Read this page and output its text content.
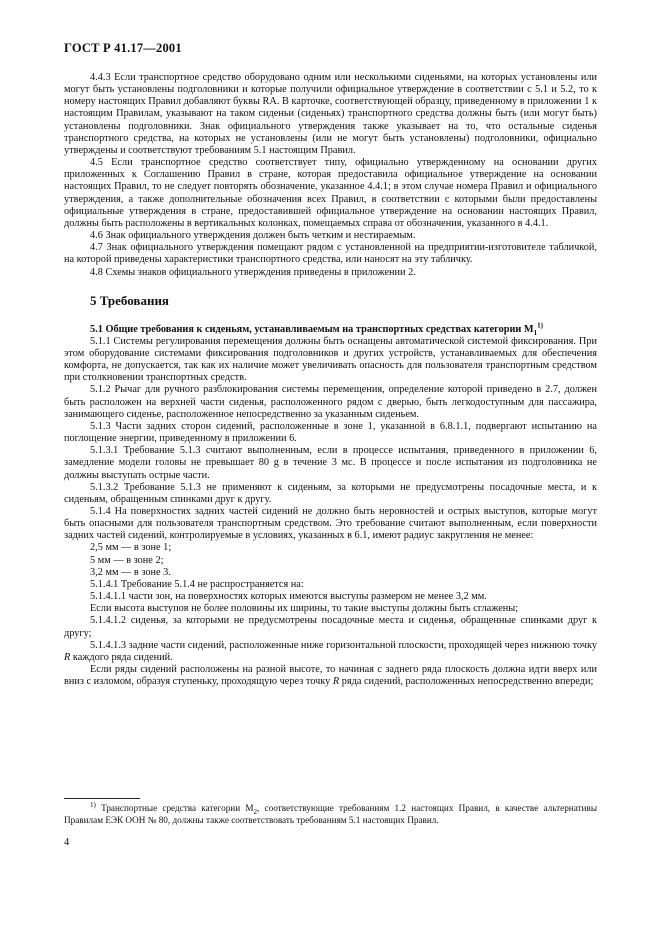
ГОСТ Р 41.17—2001

4.4.3 Если транспортное средство оборудовано одним или несколькими сиденьями, на которых установлены или могут быть установлены подголовники и которые получили официальное утверждение в соответствии с 5.1 и 5.2, то к номеру настоящих Правил добавляют буквы RA. В карточке, соответствующей образцу, приведенному в приложении 1 к настоящим Правилам, указывают на таком сиденьи (сиденьях) транспортного средства должны быть (или могут быть) установлены подголовники. Знак официального утверждения также указывает на то, что остальные сиденья транспортного средства, на которых не установлены (или не могут быть установлены) подголовники, официально утверждены и соответствуют требованиям 5.1 настоящим Правил.

4.5 Если транспортное средство соответствует типу, официально утвержденному на основании других приложенных к Соглашению Правил в стране, которая предоставила официальное утверждение на основании настоящих Правил, то не следует повторять обозначение, указанное 4.4.1; в этом случае номера Правил и официального утверждения, а также дополнительные обозначения всех Правил, в соответствии с которыми были предоставлены официальные утверждения в стране, предоставившей официальное утверждение на основании настоящих Правил, должны быть расположены в вертикальных колонках, помещаемых справа от обозначения, указанного в 4.4.1.

4.6 Знак официального утверждения должен быть четким и нестираемым.

4.7 Знак официального утверждения помещают рядом с установленной на предприятии-изготовителе табличкой, на которой приведены характеристики транспортного средства, или наносят на эту табличку.

4.8 Схемы знаков официального утверждения приведены в приложении 2.

5 Требования

5.1 Общие требования к сиденьям, устанавливаемым на транспортных средствах категории $M_1^{1)}$

5.1.1 Системы регулирования перемещения должны быть оснащены автоматической системой фиксирования. При этом оборудование системами фиксирования подголовников и других устройств, устанавливаемых для обеспечения комфорта, не допускается, так как их наличие может увеличивать опасность для пользователя транспортным средством при столкновении транспортных средств.

5.1.2 Рычаг для ручного разблокирования системы перемещения, определение которой приведено в 2.7, должен быть расположен на верхней части сиденья, расположенного рядом с дверью, быть легкодоступным для пассажира, занимающего сиденье, расположенное непосредственно за указанным сиденьем.

5.1.3 Части задних сторон сидений, расположенные в зоне 1, указанной в 6.8.1.1, подвергают испытанию на поглощение энергии, приведенному в приложении 6.

5.1.3.1 Требование 5.1.3 считают выполненным, если в процессе испытания, приведенного в приложении 6, замедление модели головы не превышает 80 g в течение 3 мс. В процессе и после испытания из подголовника не должны выступать острые части.

5.1.3.2 Требование 5.1.3 не применяют к сиденьям, за которыми не предусмотрены посадочные места, и к сиденьям, обращенным спинками друг к другу.

5.1.4 На поверхностях задних частей сидений не должно быть неровностей и острых выступов, которые могут быть опасными для пользователя транспортным средством. Это требование считают выполненным, если поверхности задних частей сидений, контролируемые в условиях, указанных в 6.1, имеют радиус закругления не менее:

2,5 мм — в зоне 1;

5 мм — в зоне 2;

3,2 мм — в зоне 3.

5.1.4.1 Требование 5.1.4 не распространяется на:

5.1.4.1.1 части зон, на поверхностях которых имеются выступы размером не менее 3,2 мм.

Если высота выступов не более половины их ширины, то такие выступы должны быть сглажены;

5.1.4.1.2 сиденья, за которыми не предусмотрены посадочные места и сиденья, обращенные спинками друг к другу;

5.1.4.1.3 задние части сидений, расположенные ниже горизонтальной плоскости, проходящей через нижнюю точку R каждого ряда сидений.

Если ряды сидений расположены на разной высоте, то начиная с заднего ряда плоскость должна идти вверх или вниз с изломом, образуя ступеньку, проходящую через точку R ряда сидений, расположенных непосредственно впереди;

$^{1)}$ Транспортные средства категории $M_2$, соответствующие требованиям 1.2 настоящих Правил, в качестве альтернативы Правилам ЕЭК ООН № 80, должны также соответствовать требованиям 5.1 настоящих Правил.

4
